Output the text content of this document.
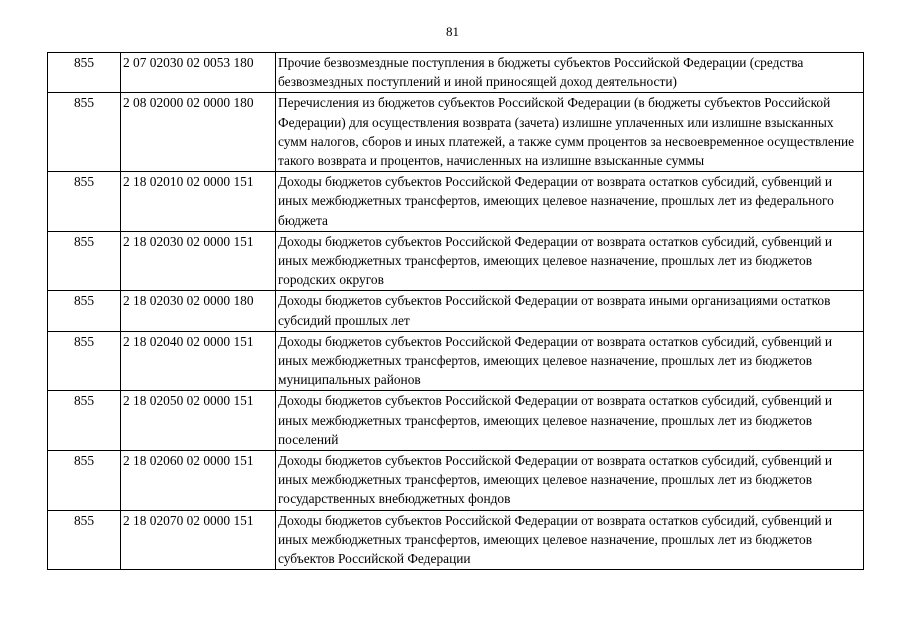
81
855	2 07 02030 02 0053 180	Прочие безвозмездные поступления в бюджеты субъектов Российской Федерации (средства безвозмездных поступлений и иной приносящей доход деятельности)
855	2 08 02000 02 0000 180	Перечисления из бюджетов субъектов Российской Федерации (в бюджеты субъектов Российской Федерации) для осуществления возврата (зачета) излишне уплаченных или излишне взысканных сумм налогов, сборов и иных платежей, а также сумм процентов за несвоевременное осуществление такого возврата и процентов, начисленных на излишне взысканные суммы
855	2 18 02010 02 0000 151	Доходы бюджетов субъектов Российской Федерации от возврата остатков субсидий, субвенций и иных межбюджетных трансфертов, имеющих целевое назначение, прошлых лет из федерального бюджета
855	2 18 02030 02 0000 151	Доходы бюджетов субъектов Российской Федерации от возврата остатков субсидий, субвенций и иных межбюджетных трансфертов, имеющих целевое назначение, прошлых лет из бюджетов городских округов
855	2 18 02030 02 0000 180	Доходы бюджетов субъектов Российской Федерации от возврата иными организациями остатков субсидий прошлых лет
855	2 18 02040 02 0000 151	Доходы бюджетов субъектов Российской Федерации от возврата остатков субсидий, субвенций и иных межбюджетных трансфертов, имеющих целевое назначение, прошлых лет из бюджетов муниципальных районов
855	2 18 02050 02 0000 151	Доходы бюджетов субъектов Российской Федерации от возврата остатков субсидий, субвенций и иных межбюджетных трансфертов, имеющих целевое назначение, прошлых лет из бюджетов поселений
855	2 18 02060 02 0000 151	Доходы бюджетов субъектов Российской Федерации от возврата остатков субсидий, субвенций и иных межбюджетных трансфертов, имеющих целевое назначение, прошлых лет из бюджетов государственных внебюджетных фондов
855	2 18 02070 02 0000 151	Доходы бюджетов субъектов Российской Федерации от возврата остатков субсидий, субвенций и иных межбюджетных трансфертов, имеющих целевое назначение, прошлых лет из бюджетов субъектов Российской Федерации
